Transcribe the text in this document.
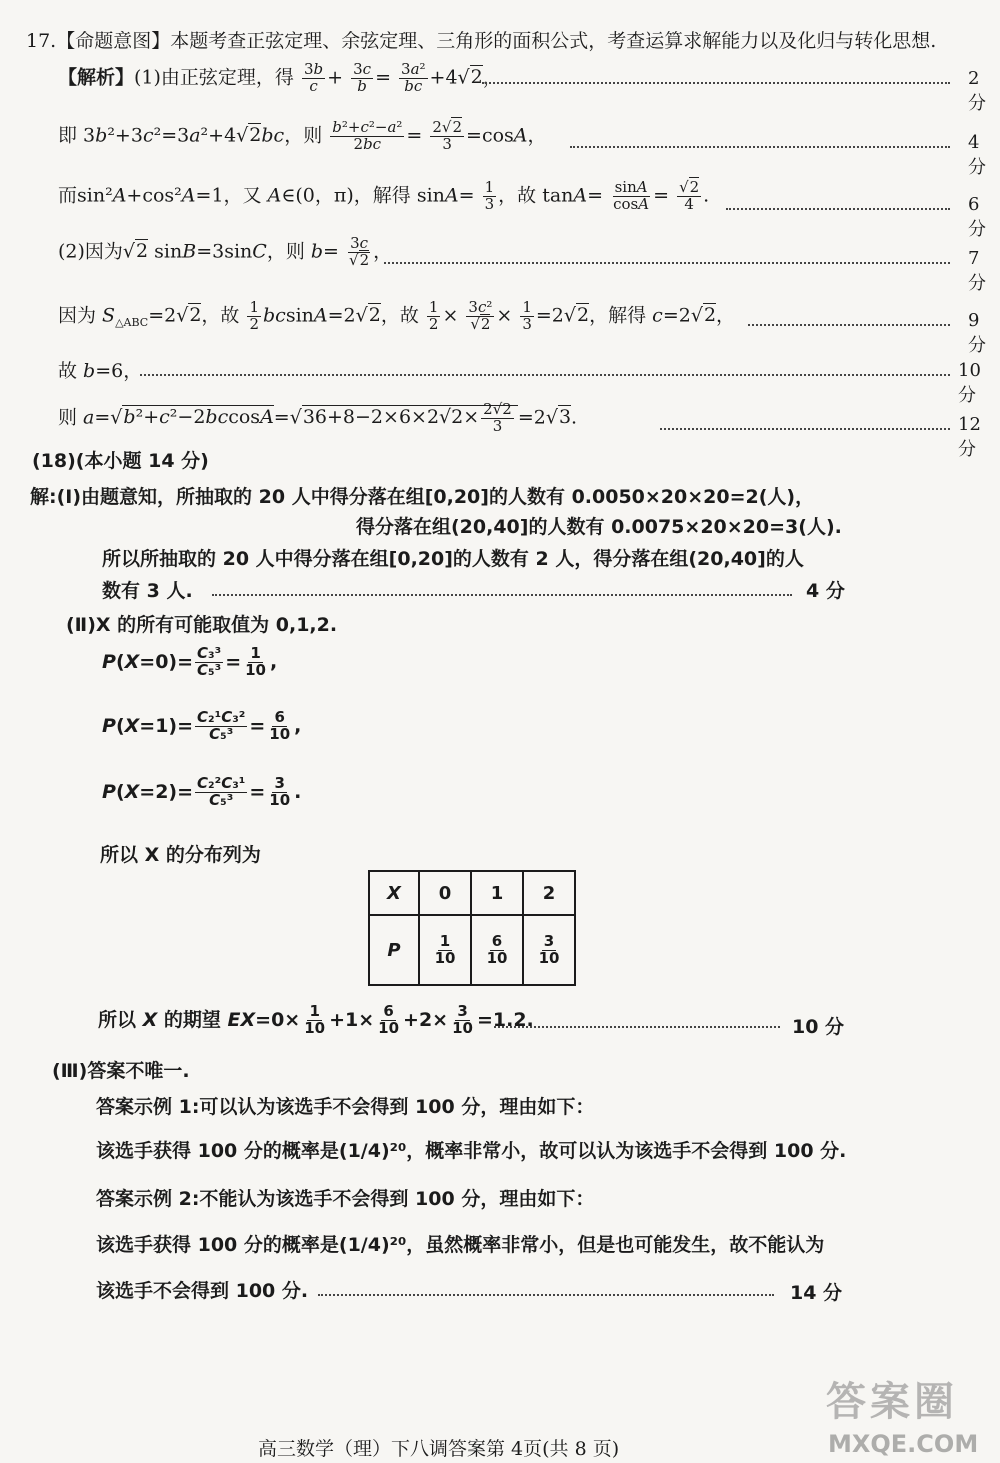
17.【命题意图】本题考查正弦定理、余弦定理、三角形的面积公式，考查运算求解能力以及化归与转化思想.
【解析】(1)由正弦定理，得 $\frac{3b}{c} + \frac{3c}{b} = \frac{\text{3a²}}{bc} +4√2$，	2 分
即 3b²+3c²=3a²+4√2bc，则 $\frac{\text{b²+c²−a²}}{2bc} = \frac{2√2}{3} =\cos A$，	4 分
而sin²A+cos²A=1，又 A∈(0，π)，解得 $\sin A= \frac{1}{3}$ ，故 $\tan A= \frac{\sin A}{\cos A} = \frac{√2}{4}$ .	6 分
(2)因为√2 sinB=3sinC，则 $b= \frac{3c}{√2}$ ，	7 分
因为 $S_{\triangle ABC}=2√2$，故 $\frac{1}{2} bcsinA=2√2$，故 $\frac{1}{2} \times \frac{\text{3c²}}{√2} \times \frac{1}{3} =2√2$，解得 c=2√2，	9 分
故 b=6，	10 分
则 $a=√b^2+c^2-2bccosA=√36+8-2\times 6\times 2√2\times \frac{2√2}{3} =2√3$.	12 分
(18)(本小题 14 分)
解:(Ⅰ)由题意知，所抽取的 20 人中得分落在组[0,20]的人数有 0.0050×20×20=2(人)，
得分落在组(20,40]的人数有 0.0075×20×20=3(人).
所以所抽取的 20 人中得分落在组[0,20]的人数有 2 人，得分落在组(20,40]的人
数有 3 人.	4 分
(Ⅱ)X 的所有可能取值为 0,1,2.
$P(X=0)= \frac{\text{C₃³}}{\text{C₅³}} = \frac{1}{10}$ ,
$P(X=1)= \frac{\text{C₂¹C₃²}}{\text{C₅³}} = \frac{6}{10}$ ,
$P(X=2)= \frac{\text{C₂²C₃¹}}{\text{C₅³}} = \frac{3}{10}$ .
所以 X 的分布列为
X	0	1	2
P	$\frac{1}{10}$	$\frac{6}{10}$	$\frac{3}{10}$
所以 X 的期望 $EX=0\times \frac{1}{10} +1\times \frac{6}{10} +2\times \frac{3}{10} =1.2$.	10 分
(Ⅲ)答案不唯一.
答案示例 1:可以认为该选手不会得到 100 分，理由如下：
该选手获得 100 分的概率是(1/4)²⁰，概率非常小，故可以认为该选手不会得到 100 分.
答案示例 2:不能认为该选手不会得到 100 分，理由如下：
该选手获得 100 分的概率是(1/4)²⁰，虽然概率非常小，但是也可能发生，故不能认为
该选手不会得到 100 分.	14 分
高三数学（理）下八调答案第 4页(共 8 页)
答案圈
MXQE.COM
